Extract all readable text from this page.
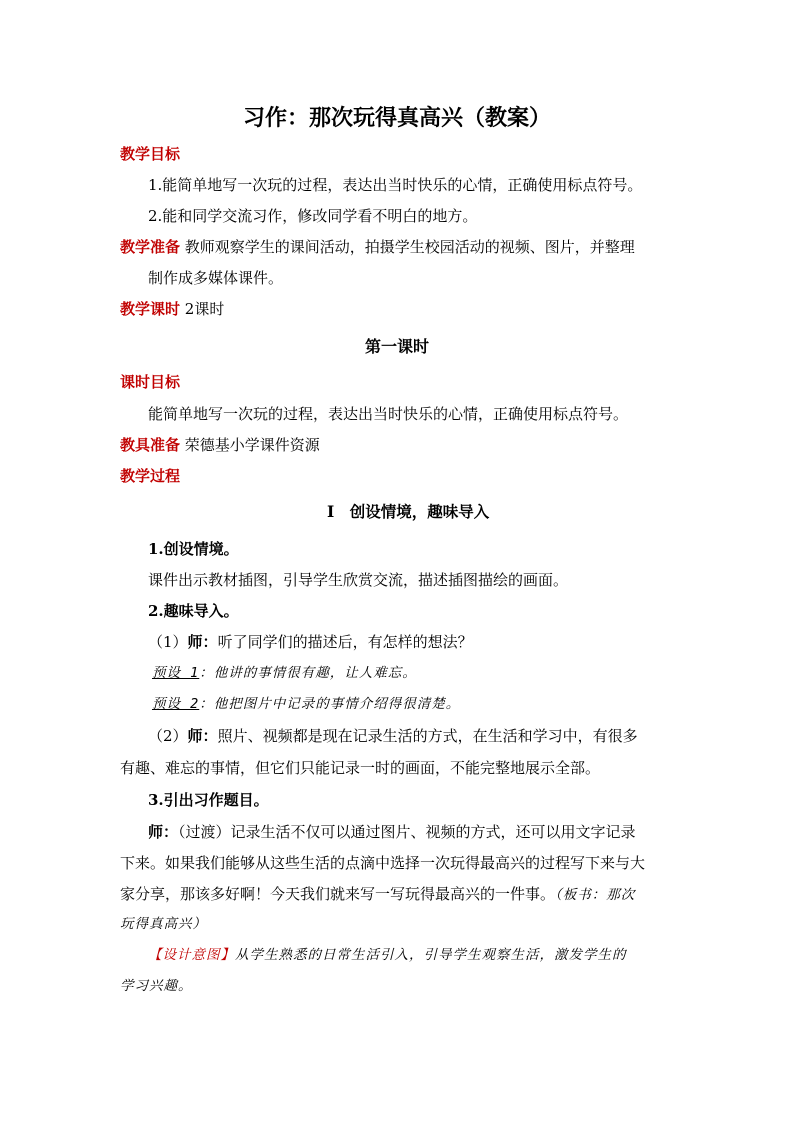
习作：那次玩得真高兴（教案）
教学目标
1.能简单地写一次玩的过程，表达出当时快乐的心情，正确使用标点符号。
2.能和同学交流习作，修改同学看不明白的地方。
教学准备 教师观察学生的课间活动，拍摄学生校园活动的视频、图片，并整理
制作成多媒体课件。
教学课时 2课时
第一课时
课时目标
能简单地写一次玩的过程，表达出当时快乐的心情，正确使用标点符号。
教具准备 荣德基小学课件资源
教学过程
Ⅰ　创设情境，趣味导入
1.创设情境。
课件出示教材插图，引导学生欣赏交流，描述插图描绘的画面。
2.趣味导入。
（1）师：听了同学们的描述后，有怎样的想法？
预设 1：他讲的事情很有趣，让人难忘。
预设 2：他把图片中记录的事情介绍得很清楚。
（2）师：照片、视频都是现在记录生活的方式，在生活和学习中，有很多
有趣、难忘的事情，但它们只能记录一时的画面，不能完整地展示全部。
3.引出习作题目。
师：（过渡）记录生活不仅可以通过图片、视频的方式，还可以用文字记录
下来。如果我们能够从这些生活的点滴中选择一次玩得最高兴的过程写下来与大
家分享，那该多好啊！今天我们就来写一写玩得最高兴的一件事。（板书：那次
玩得真高兴）
【设计意图】从学生熟悉的日常生活引入，引导学生观察生活，激发学生的
学习兴趣。
